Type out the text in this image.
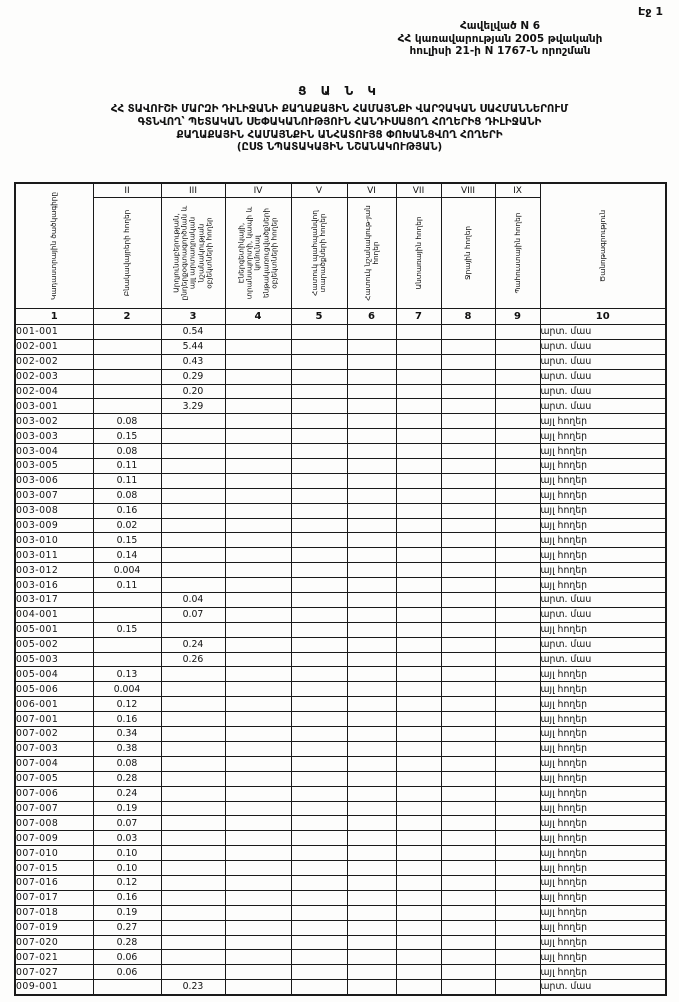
Էջ 1
Հավելված N 6
ՀՀ կառավարության 2005 թվականի
հուլիսի 21-ի N 1767-Ն որոշման
Ց Ա Ն Կ
ՀՀ ՏԱՎՈՒՇԻ ՄԱՐԶԻ ԴԻԼԻՋԱՆԻ ՔԱՂԱՔԱՅԻՆ ՀԱՄԱՅՆՔԻ ՎԱՐՉԱԿԱՆ ՍԱՀՄԱՆՆԵՐՈՒՄ
ԳՏՆՎՈՂ՝ ՊԵՏԱԿԱՆ ՍԵՓԱԿԱՆՈՒԹՅՈՒՆ ՀԱՆԴԻՍԱՑՈՂ ՀՈՂԵՐԻՑ ԴԻԼԻՋԱՆԻ
ՔԱՂԱՔԱՅԻՆ ՀԱՄԱՅՆՔԻՆ ԱՆՀԱՏՈՒՅՑ ՓՈԽԱՆՑՎՈՂ ՀՈՂԵՐԻ
(ԸՍՏ ՆՊԱՏԱԿԱՅԻՆ ՆՇԱՆԱԿՈՒԹՅԱՆ)
Կադաստրային ծածկագիրը	II	III	IV	V	VI	VII	VIII	IX	Ծանոթագրություն

	Բնակավայրերի հողեր	Արդյունաբերության, ընդերքօգտագործման և այլ արտադրական նշանակության օբյեկտների հողեր	Էներգետիկայի, տրանսպորտի, կապի և կոմունալ ենթակառուցվածքների օբյեկտների հողեր	Հատուկ պահպանվող տարածքների հողեր	Հատուկ նշանակութ-յան հողեր	Անտառային հողեր	Ջրային հողեր	Պահուստային հողեր	

1	2	3	4	5	6	7	8	9	10
001-001		0.54							արտ. մաս
002-001		5.44							արտ. մաս
002-002		0.43							արտ. մաս
002-003		0.29							արտ. մաս
002-004		0.20							արտ. մաս
003-001		3.29							արտ. մաս
003-002	0.08								այլ հողեր
003-003	0.15								այլ հողեր
003-004	0.08								այլ հողեր
003-005	0.11								այլ հողեր
003-006	0.11								այլ հողեր
003-007	0.08								այլ հողեր
003-008	0.16								այլ հողեր
003-009	0.02								այլ հողեր
003-010	0.15								այլ հողեր
003-011	0.14								այլ հողեր
003-012	0.004								այլ հողեր
003-016	0.11								այլ հողեր
003-017		0.04							արտ. մաս
004-001		0.07							արտ. մաս
005-001	0.15								այլ հողեր
005-002		0.24							արտ. մաս
005-003		0.26							արտ. մաս
005-004	0.13								այլ հողեր
005-006	0.004								այլ հողեր
006-001	0.12								այլ հողեր
007-001	0.16								այլ հողեր
007-002	0.34								այլ հողեր
007-003	0.38								այլ հողեր
007-004	0.08								այլ հողեր
007-005	0.28								այլ հողեր
007-006	0.24								այլ հողեր
007-007	0.19								այլ հողեր
007-008	0.07								այլ հողեր
007-009	0.03								այլ հողեր
007-010	0.10								այլ հողեր
007-015	0.10								այլ հողեր
007-016	0.12								այլ հողեր
007-017	0.16								այլ հողեր
007-018	0.19								այլ հողեր
007-019	0.27								այլ հողեր
007-020	0.28								այլ հողեր
007-021	0.06								այլ հողեր
007-027	0.06								այլ հողեր
009-001		0.23							արտ. մաս
